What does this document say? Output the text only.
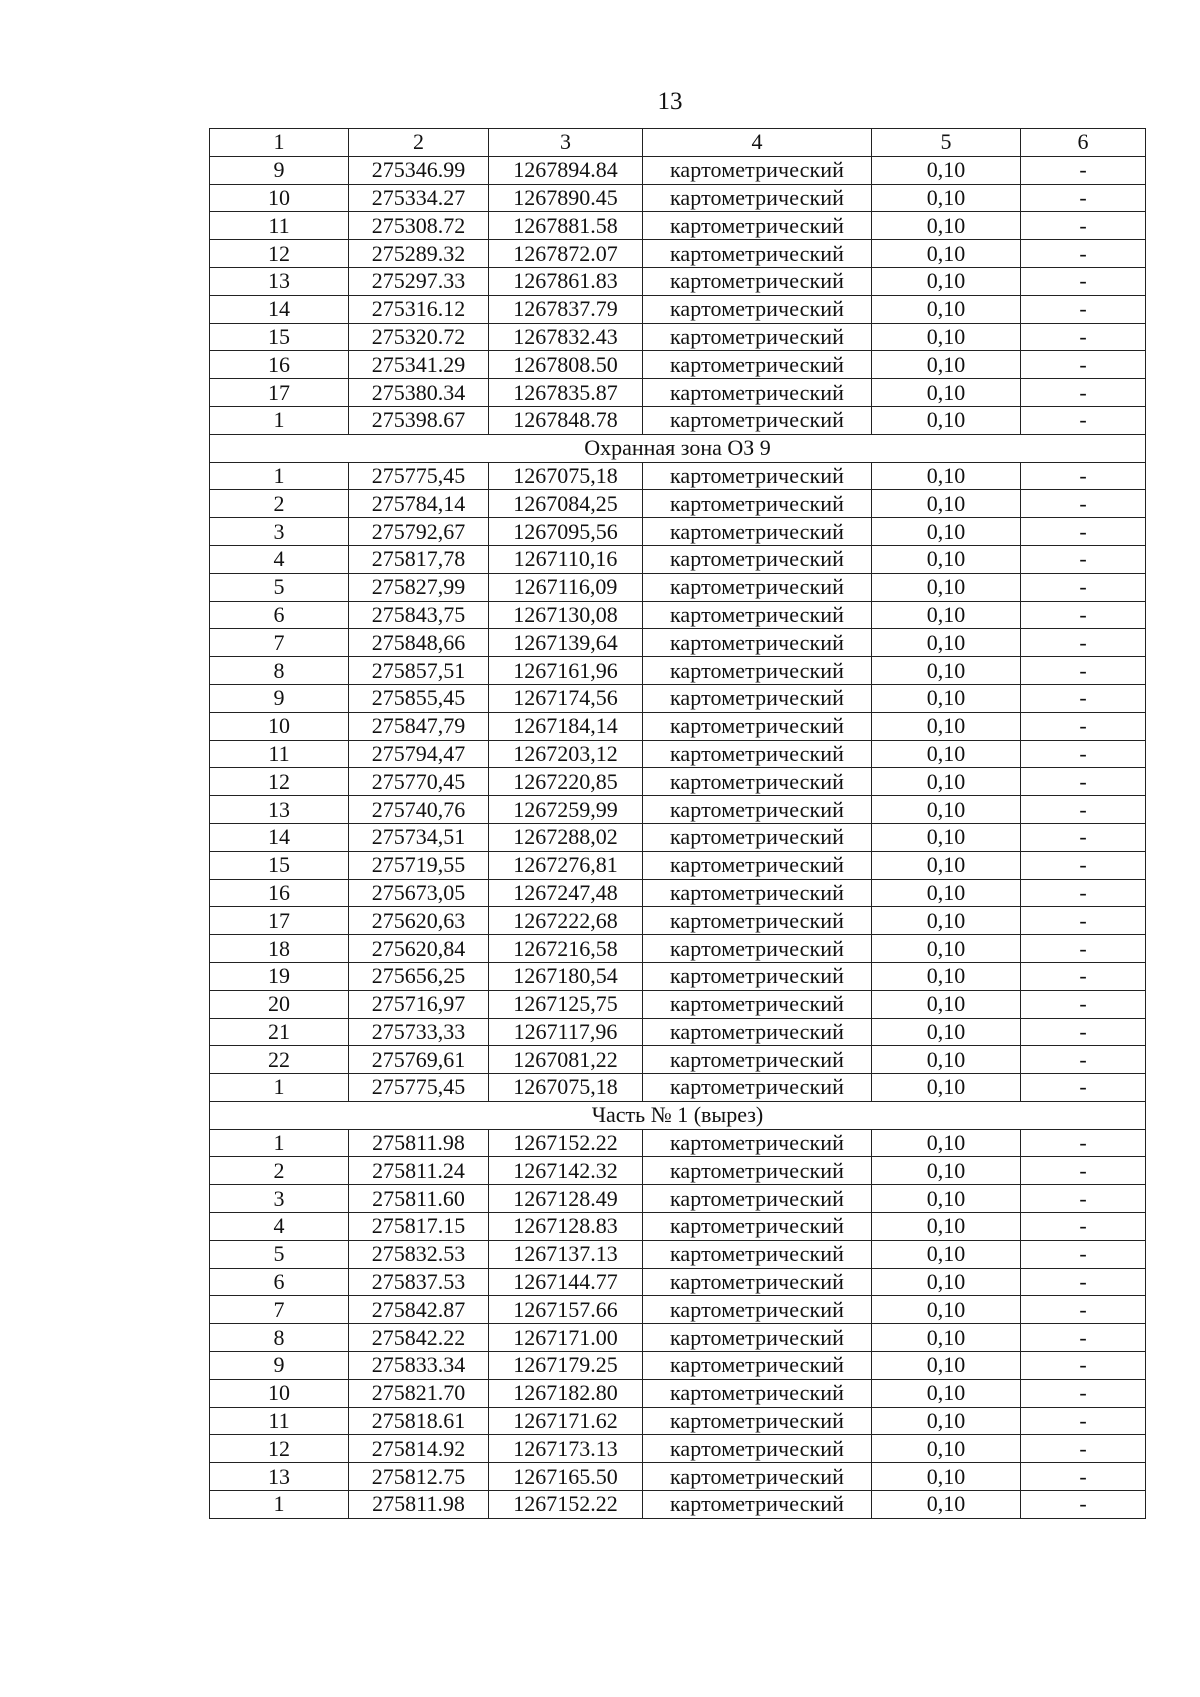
13
1	2	3	4	5	6
9	275346.99	1267894.84	картометрический	0,10	-
10	275334.27	1267890.45	картометрический	0,10	-
11	275308.72	1267881.58	картометрический	0,10	-
12	275289.32	1267872.07	картометрический	0,10	-
13	275297.33	1267861.83	картометрический	0,10	-
14	275316.12	1267837.79	картометрический	0,10	-
15	275320.72	1267832.43	картометрический	0,10	-
16	275341.29	1267808.50	картометрический	0,10	-
17	275380.34	1267835.87	картометрический	0,10	-
1	275398.67	1267848.78	картометрический	0,10	-
Охранная зона ОЗ 9					
1	275775,45	1267075,18	картометрический	0,10	-
2	275784,14	1267084,25	картометрический	0,10	-
3	275792,67	1267095,56	картометрический	0,10	-
4	275817,78	1267110,16	картометрический	0,10	-
5	275827,99	1267116,09	картометрический	0,10	-
6	275843,75	1267130,08	картометрический	0,10	-
7	275848,66	1267139,64	картометрический	0,10	-
8	275857,51	1267161,96	картометрический	0,10	-
9	275855,45	1267174,56	картометрический	0,10	-
10	275847,79	1267184,14	картометрический	0,10	-
11	275794,47	1267203,12	картометрический	0,10	-
12	275770,45	1267220,85	картометрический	0,10	-
13	275740,76	1267259,99	картометрический	0,10	-
14	275734,51	1267288,02	картометрический	0,10	-
15	275719,55	1267276,81	картометрический	0,10	-
16	275673,05	1267247,48	картометрический	0,10	-
17	275620,63	1267222,68	картометрический	0,10	-
18	275620,84	1267216,58	картометрический	0,10	-
19	275656,25	1267180,54	картометрический	0,10	-
20	275716,97	1267125,75	картометрический	0,10	-
21	275733,33	1267117,96	картометрический	0,10	-
22	275769,61	1267081,22	картометрический	0,10	-
1	275775,45	1267075,18	картометрический	0,10	-
Часть № 1 (вырез)					
1	275811.98	1267152.22	картометрический	0,10	-
2	275811.24	1267142.32	картометрический	0,10	-
3	275811.60	1267128.49	картометрический	0,10	-
4	275817.15	1267128.83	картометрический	0,10	-
5	275832.53	1267137.13	картометрический	0,10	-
6	275837.53	1267144.77	картометрический	0,10	-
7	275842.87	1267157.66	картометрический	0,10	-
8	275842.22	1267171.00	картометрический	0,10	-
9	275833.34	1267179.25	картометрический	0,10	-
10	275821.70	1267182.80	картометрический	0,10	-
11	275818.61	1267171.62	картометрический	0,10	-
12	275814.92	1267173.13	картометрический	0,10	-
13	275812.75	1267165.50	картометрический	0,10	-
1	275811.98	1267152.22	картометрический	0,10	-
